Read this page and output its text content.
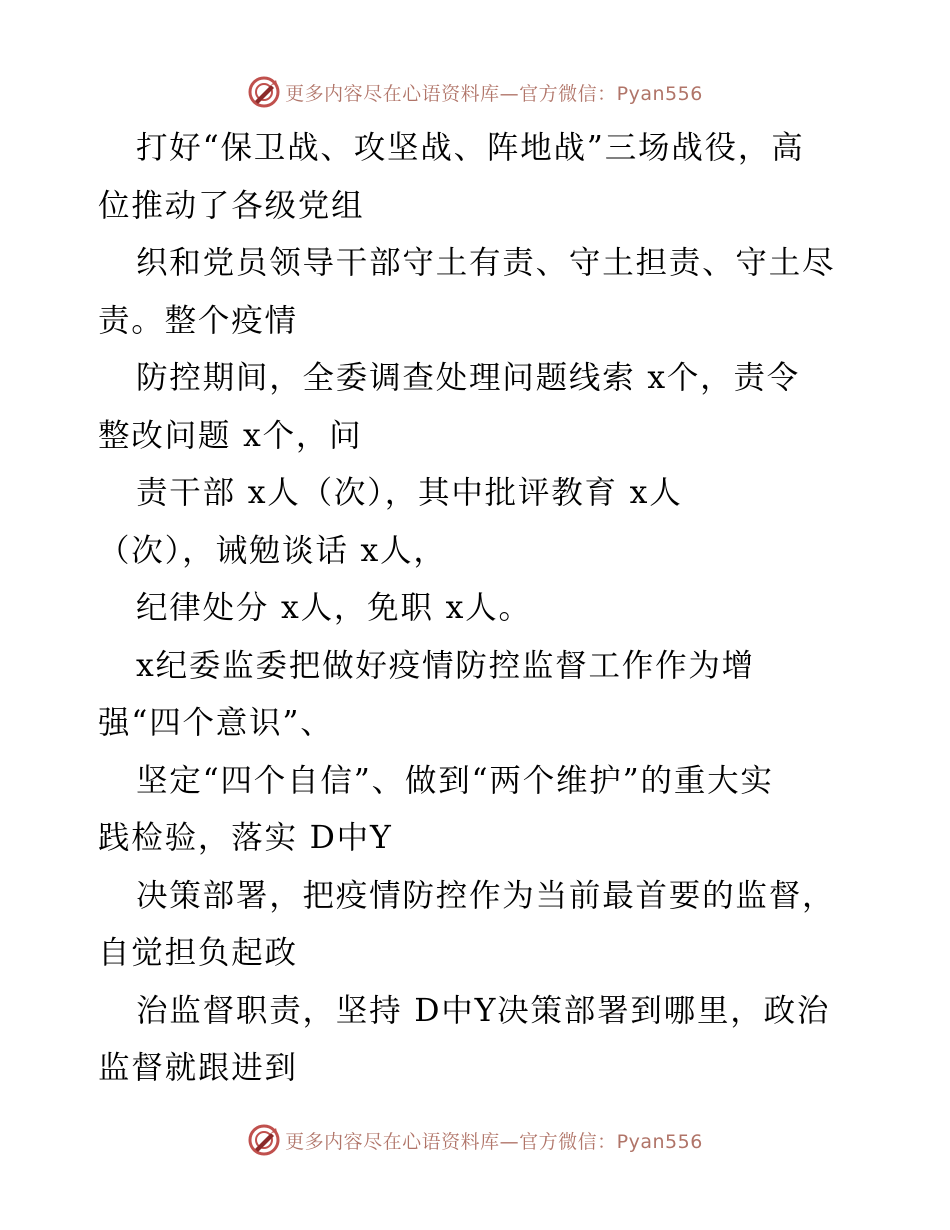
更多内容尽在心语资料库—官方微信：Pyan556
打好“保卫战、攻坚战、阵地战”三场战役，高
位推动了各级党组
织和党员领导干部守土有责、守土担责、守土尽
责。整个疫情
防控期间，全委调查处理问题线索 x个，责令
整改问题 x个，问
责干部 x人（次），其中批评教育 x人
（次），诫勉谈话 x人，
纪律处分 x人，免职 x人。
x纪委监委把做好疫情防控监督工作作为增
强“四个意识”、
坚定“四个自信”、做到“两个维护”的重大实
践检验，落实 D中Y
决策部署，把疫情防控作为当前最首要的监督，
自觉担负起政
治监督职责，坚持 D中Y决策部署到哪里，政治
监督就跟进到
更多内容尽在心语资料库—官方微信：Pyan556
